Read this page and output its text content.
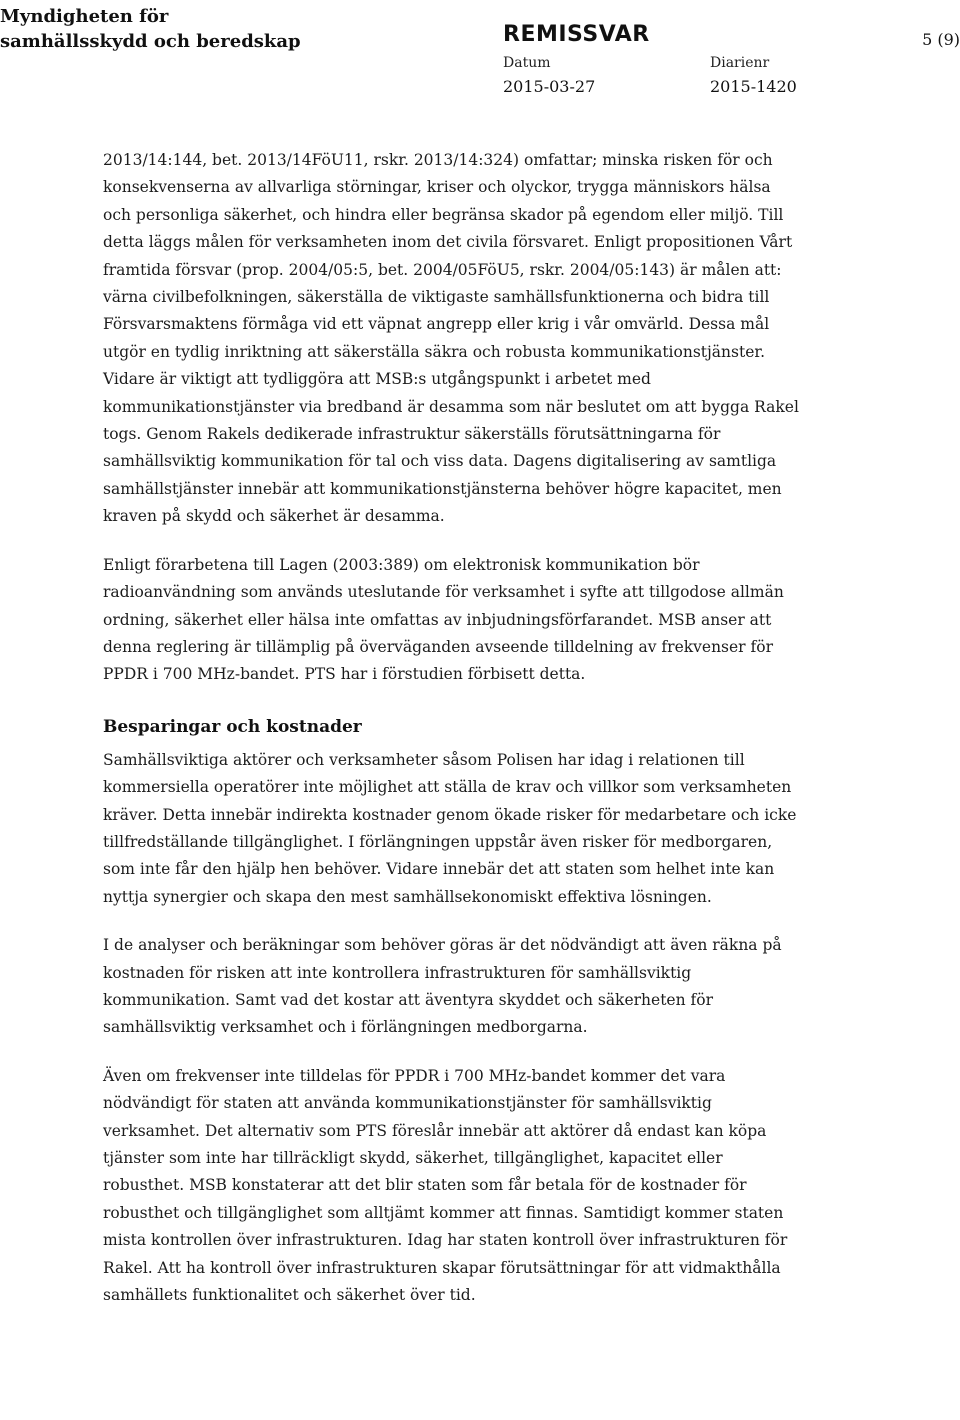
Myndigheten för
samhällsskydd och beredskap	REMISSVAR
Datum
2015-03-27
Diarienr
2015-1420
5 (9)

2013/14:144, bet. 2013/14FöU11, rskr. 2013/14:324) omfattar; minska risken för och konsekvenserna av allvarliga störningar, kriser och olyckor, trygga människors hälsa och personliga säkerhet, och hindra eller begränsa skador på egendom eller miljö. Till detta läggs målen för verksamheten inom det civila försvaret. Enligt propositionen Vårt framtida försvar (prop. 2004/05:5, bet. 2004/05FöU5, rskr. 2004/05:143) är målen att: värna civilbefolkningen, säkerställa de viktigaste samhällsfunktionerna och bidra till Försvarsmaktens förmåga vid ett väpnat angrepp eller krig i vår omvärld. Dessa mål utgör en tydlig inriktning att säkerställa säkra och robusta kommunikationstjänster. Vidare är viktigt att tydliggöra att MSB:s utgångspunkt i arbetet med kommunikationstjänster via bredband är desamma som när beslutet om att bygga Rakel togs. Genom Rakels dedikerade infrastruktur säkerställs förutsättningarna för samhällsviktig kommunikation för tal och viss data. Dagens digitalisering av samtliga samhällstjänster innebär att kommunikationstjänsterna behöver högre kapacitet, men kraven på skydd och säkerhet är desamma.

Enligt förarbetena till Lagen (2003:389) om elektronisk kommunikation bör radioanvändning som används uteslutande för verksamhet i syfte att tillgodose allmän ordning, säkerhet eller hälsa inte omfattas av inbjudningsförfarandet. MSB anser att denna reglering är tillämplig på överväganden avseende tilldelning av frekvenser för PPDR i 700 MHz-bandet. PTS har i förstudien förbisett detta.

Besparingar och kostnader

Samhällsviktiga aktörer och verksamheter såsom Polisen har idag i relationen till kommersiella operatörer inte möjlighet att ställa de krav och villkor som verksamheten kräver. Detta innebär indirekta kostnader genom ökade risker för medarbetare och icke tillfredställande tillgänglighet. I förlängningen uppstår även risker för medborgaren, som inte får den hjälp hen behöver. Vidare innebär det att staten som helhet inte kan nyttja synergier och skapa den mest samhällsekonomiskt effektiva lösningen.

I de analyser och beräkningar som behöver göras är det nödvändigt att även räkna på kostnaden för risken att inte kontrollera infrastrukturen för samhällsviktig kommunikation. Samt vad det kostar att äventyra skyddet och säkerheten för samhällsviktig verksamhet och i förlängningen medborgarna.

Även om frekvenser inte tilldelas för PPDR i 700 MHz-bandet kommer det vara nödvändigt för staten att använda kommunikationstjänster för samhällsviktig verksamhet. Det alternativ som PTS föreslår innebär att aktörer då endast kan köpa tjänster som inte har tillräckligt skydd, säkerhet, tillgänglighet, kapacitet eller robusthet. MSB konstaterar att det blir staten som får betala för de kostnader för robusthet och tillgänglighet som alltjämt kommer att finnas. Samtidigt kommer staten mista kontrollen över infrastrukturen. Idag har staten kontroll över infrastrukturen för Rakel. Att ha kontroll över infrastrukturen skapar förutsättningar för att vidmakthålla samhällets funktionalitet och säkerhet över tid.
